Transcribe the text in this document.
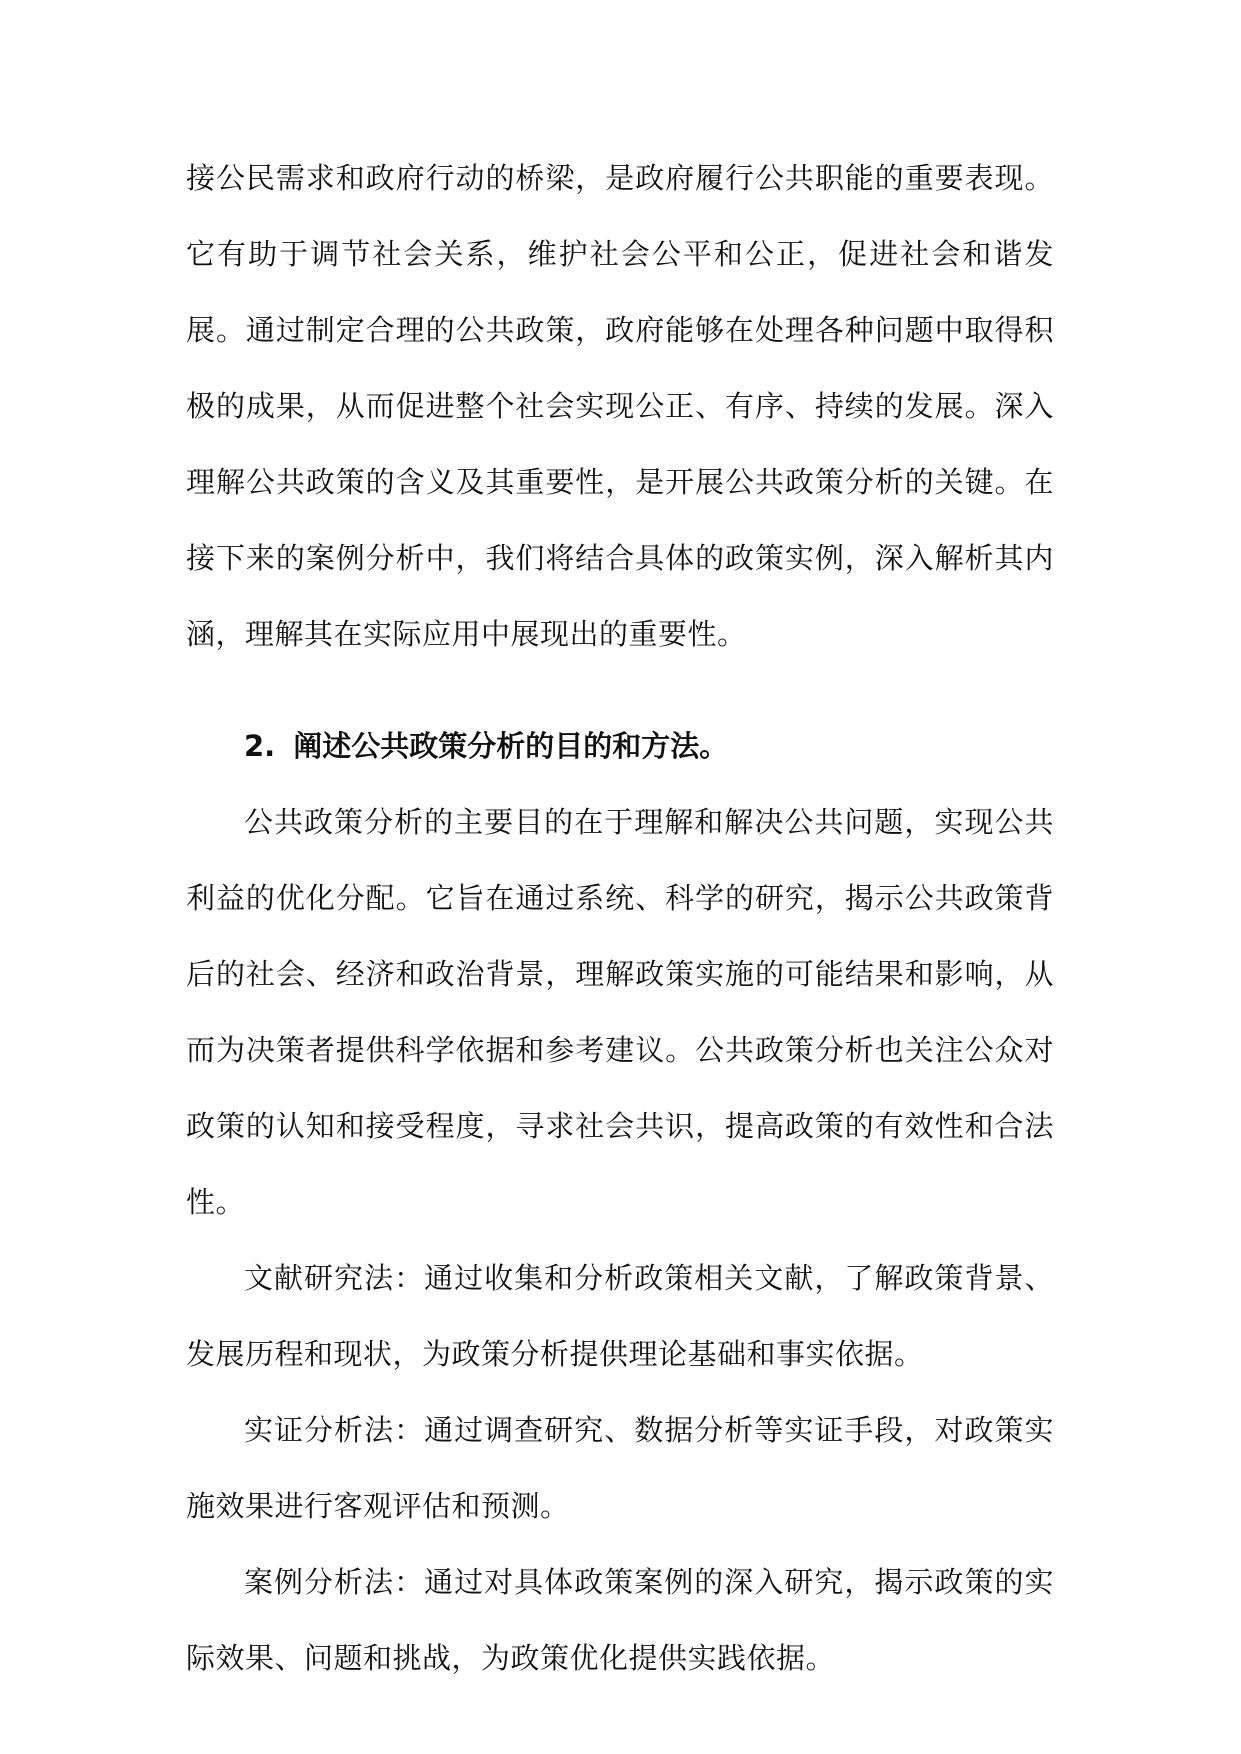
接公民需求和政府行动的桥梁，是政府履行公共职能的重要表现。它有助于调节社会关系，维护社会公平和公正，促进社会和谐发展。通过制定合理的公共政策，政府能够在处理各种问题中取得积极的成果，从而促进整个社会实现公正、有序、持续的发展。深入理解公共政策的含义及其重要性，是开展公共政策分析的关键。在接下来的案例分析中，我们将结合具体的政策实例，深入解析其内涵，理解其在实际应用中展现出的重要性。

2. 阐述公共政策分析的目的和方法。

公共政策分析的主要目的在于理解和解决公共问题，实现公共利益的优化分配。它旨在通过系统、科学的研究，揭示公共政策背后的社会、经济和政治背景，理解政策实施的可能结果和影响，从而为决策者提供科学依据和参考建议。公共政策分析也关注公众对政策的认知和接受程度，寻求社会共识，提高政策的有效性和合法性。

文献研究法：通过收集和分析政策相关文献，了解政策背景、发展历程和现状，为政策分析提供理论基础和事实依据。

实证分析法：通过调查研究、数据分析等实证手段，对政策实施效果进行客观评估和预测。

案例分析法：通过对具体政策案例的深入研究，揭示政策的实际效果、问题和挑战，为政策优化提供实践依据。
